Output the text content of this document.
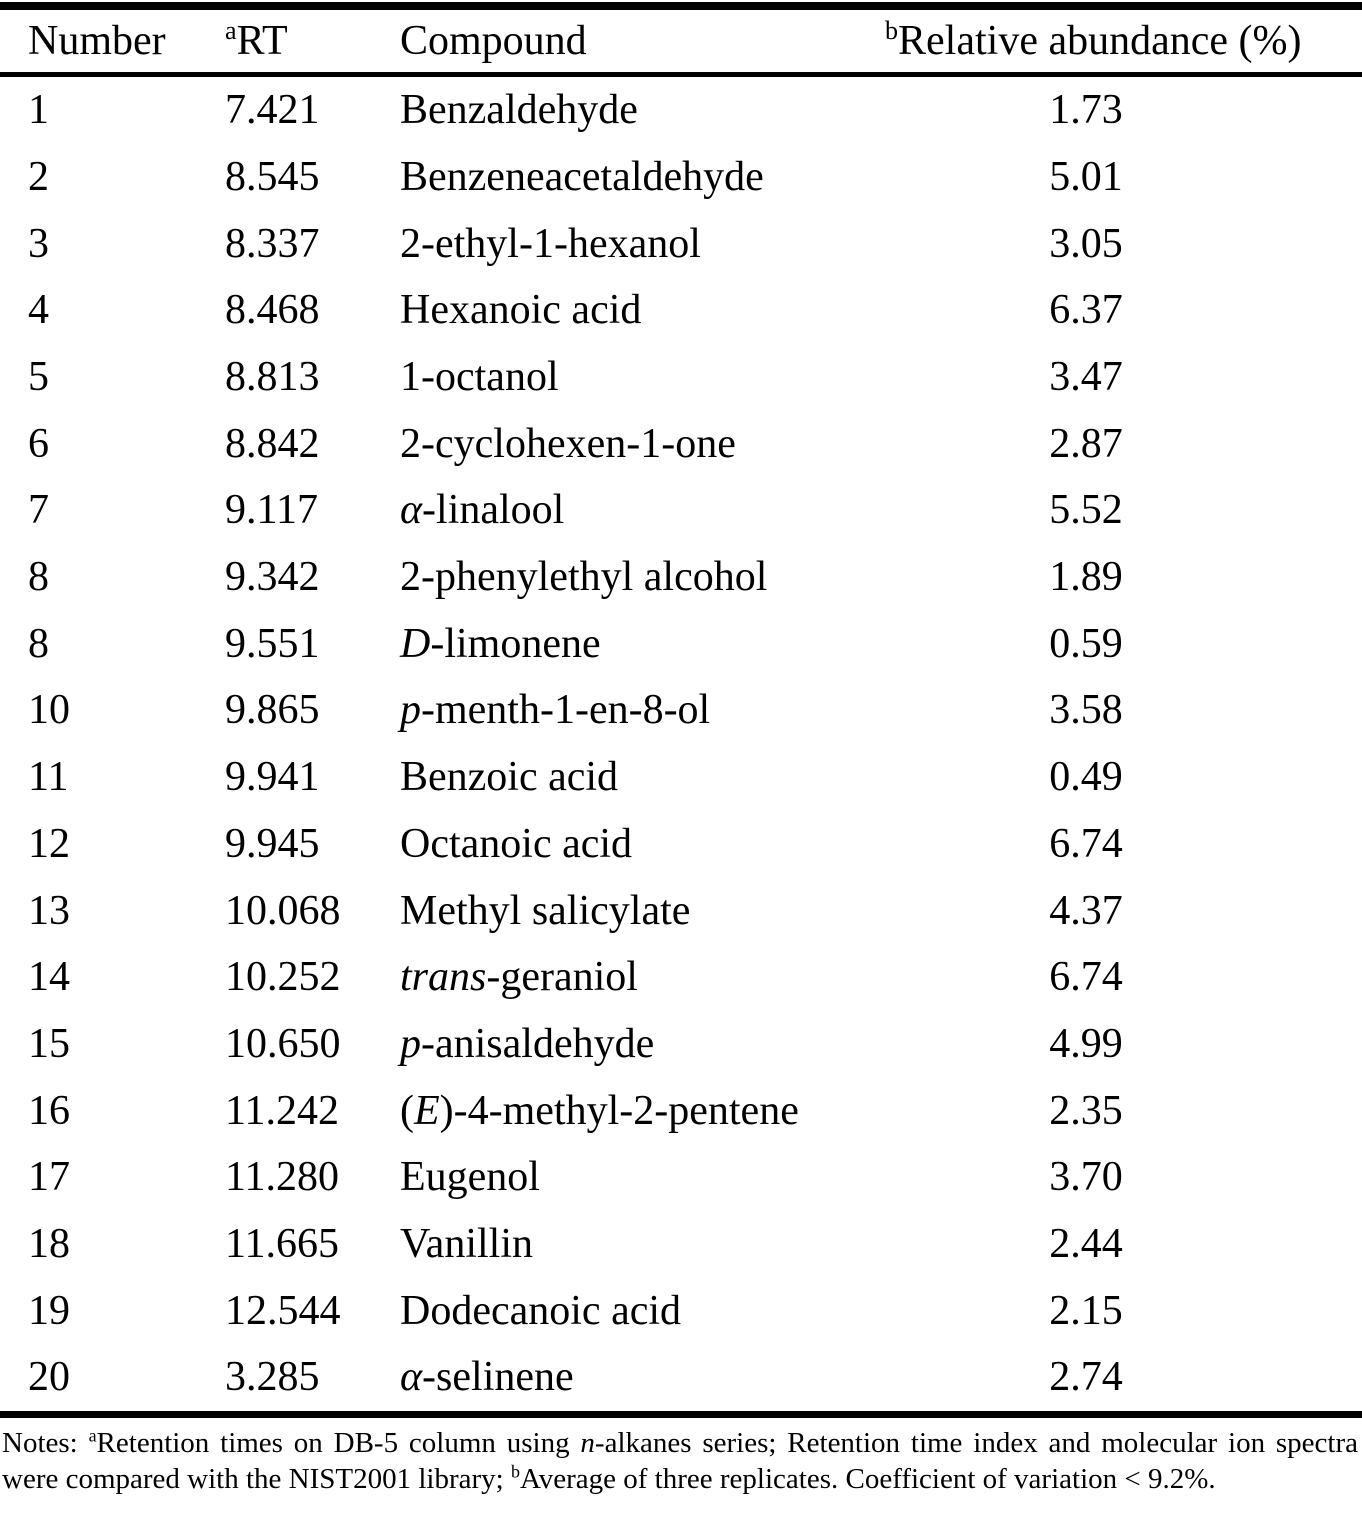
Number	$^a$RT	Compound	$^b$Relative abundance (%)
1	7.421	Benzaldehyde	1.73
2	8.545	Benzeneacetaldehyde	5.01
3	8.337	2-ethyl-1-hexanol	3.05
4	8.468	Hexanoic acid	6.37
5	8.813	1-octanol	3.47
6	8.842	2-cyclohexen-1-one	2.87
7	9.117	α-linalool	5.52
8	9.342	2-phenylethyl alcohol	1.89
8	9.551	D-limonene	0.59
10	9.865	p-menth-1-en-8-ol	3.58
11	9.941	Benzoic acid	0.49
12	9.945	Octanoic acid	6.74
13	10.068	Methyl salicylate	4.37
14	10.252	trans-geraniol	6.74
15	10.650	p-anisaldehyde	4.99
16	11.242	(E)-4-methyl-2-pentene	2.35
17	11.280	Eugenol	3.70
18	11.665	Vanillin	2.44
19	12.544	Dodecanoic acid	2.15
20	3.285	α-selinene	2.74

Notes: $^a$Retention times on DB-5 column using n-alkanes series; Retention time index and molecular ion spectra were compared with the NIST2001 library; $^b$Average of three replicates. Coefficient of variation < 9.2%.
